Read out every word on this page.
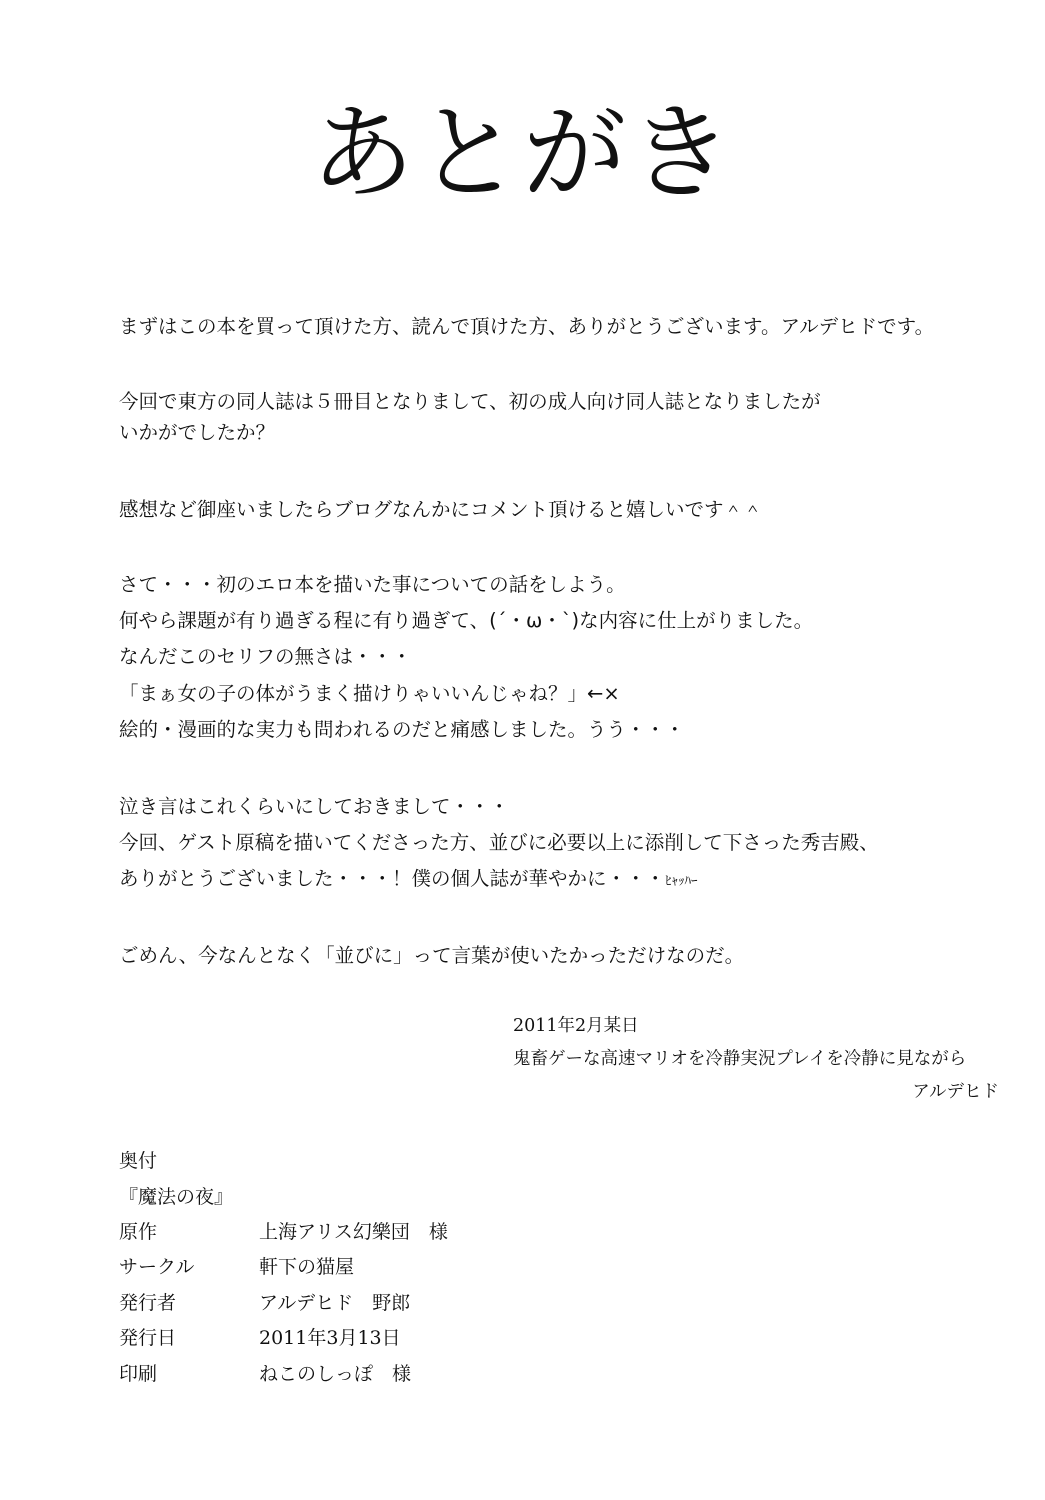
あとがき

まずはこの本を買って頂けた方、読んで頂けた方、ありがとうございます。アルデヒドです。

今回で東方の同人誌は５冊目となりまして、初の成人向け同人誌となりましたが

いかがでしたか？

感想など御座いましたらブログなんかにコメント頂けると嬉しいです＾＾

さて・・・初のエロ本を描いた事についての話をしよう。

何やら課題が有り過ぎる程に有り過ぎて、(´・ω・`)な内容に仕上がりました。

なんだこのセリフの無さは・・・

「まぁ女の子の体がうまく描けりゃいいんじゃね？」←×

絵的・漫画的な実力も問われるのだと痛感しました。うう・・・

泣き言はこれくらいにしておきまして・・・

今回、ゲスト原稿を描いてくださった方、並びに必要以上に添削して下さった秀吉殿、

ありがとうございました・・・！僕の個人誌が華やかに・・・ﾋｬｯﾊｰ

ごめん、今なんとなく「並びに」って言葉が使いたかっただけなのだ。

2011年2月某日

鬼畜ゲーな高速マリオを冷静実況プレイを冷静に見ながら

アルデヒド

奥付

『魔法の夜』

原作	上海アリス幻樂団　様
サークル	軒下の猫屋
発行者	アルデヒド　野郎
発行日	2011年3月13日
印刷	ねこのしっぽ　様
